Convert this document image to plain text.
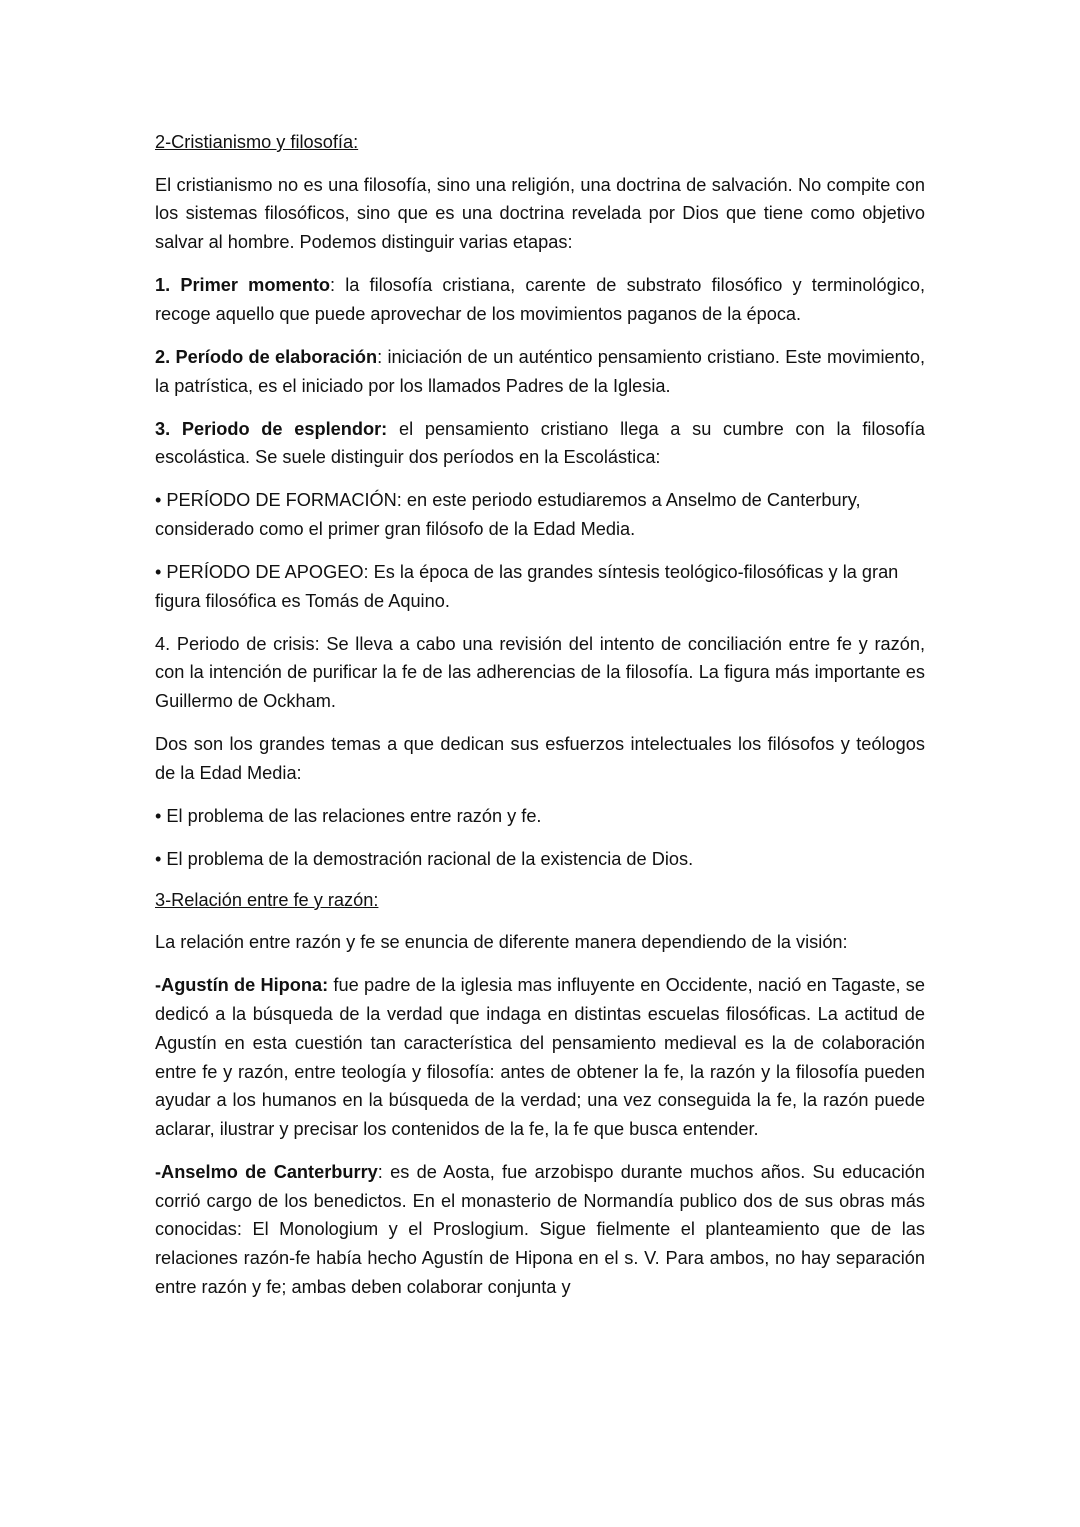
2-Cristianismo y filosofía:

El cristianismo no es una filosofía, sino una religión, una doctrina de salvación. No compite con los sistemas filosóficos, sino que es una doctrina revelada por Dios que tiene como objetivo salvar al hombre. Podemos distinguir varias etapas:

1. Primer momento: la filosofía cristiana, carente de substrato filosófico y terminológico, recoge aquello que puede aprovechar de los movimientos paganos de la época.

2. Período de elaboración: iniciación de un auténtico pensamiento cristiano. Este movimiento, la patrística, es el iniciado por los llamados Padres de la Iglesia.

3. Periodo de esplendor: el pensamiento cristiano llega a su cumbre con la filosofía escolástica. Se suele distinguir dos períodos en la Escolástica:

• PERÍODO DE FORMACIÓN: en este periodo estudiaremos a Anselmo de Canterbury, considerado como el primer gran filósofo de la Edad Media.

• PERÍODO DE APOGEO: Es la época de las grandes síntesis teológico-filosóficas y la gran figura filosófica es Tomás de Aquino.

4. Periodo de crisis: Se lleva a cabo una revisión del intento de conciliación entre fe y razón, con la intención de purificar la fe de las adherencias de la filosofía. La figura más importante es Guillermo de Ockham.

Dos son los grandes temas a que dedican sus esfuerzos intelectuales los filósofos y teólogos de la Edad Media:

• El problema de las relaciones entre razón y fe.

• El problema de la demostración racional de la existencia de Dios.

3-Relación entre fe y razón:

La relación entre razón y fe se enuncia de diferente manera dependiendo de la visión:

-Agustín de Hipona: fue padre de la iglesia mas influyente en Occidente, nació en Tagaste, se dedicó a la búsqueda de la verdad que indaga en distintas escuelas filosóficas. La actitud de Agustín en esta cuestión tan característica del pensamiento medieval es la de colaboración entre fe y razón, entre teología y filosofía: antes de obtener la fe, la razón y la filosofía pueden ayudar a los humanos en la búsqueda de la verdad; una vez conseguida la fe, la razón puede aclarar, ilustrar y precisar los contenidos de la fe, la fe que busca entender.

-Anselmo de Canterburry: es de Aosta, fue arzobispo durante muchos años. Su educación corrió cargo de los benedictos. En el monasterio de Normandía publico dos de sus obras más conocidas: El Monologium y el Proslogium. Sigue fielmente el planteamiento que de las relaciones razón-fe había hecho Agustín de Hipona en el s. V. Para ambos, no hay separación entre razón y fe; ambas deben colaborar conjunta y
